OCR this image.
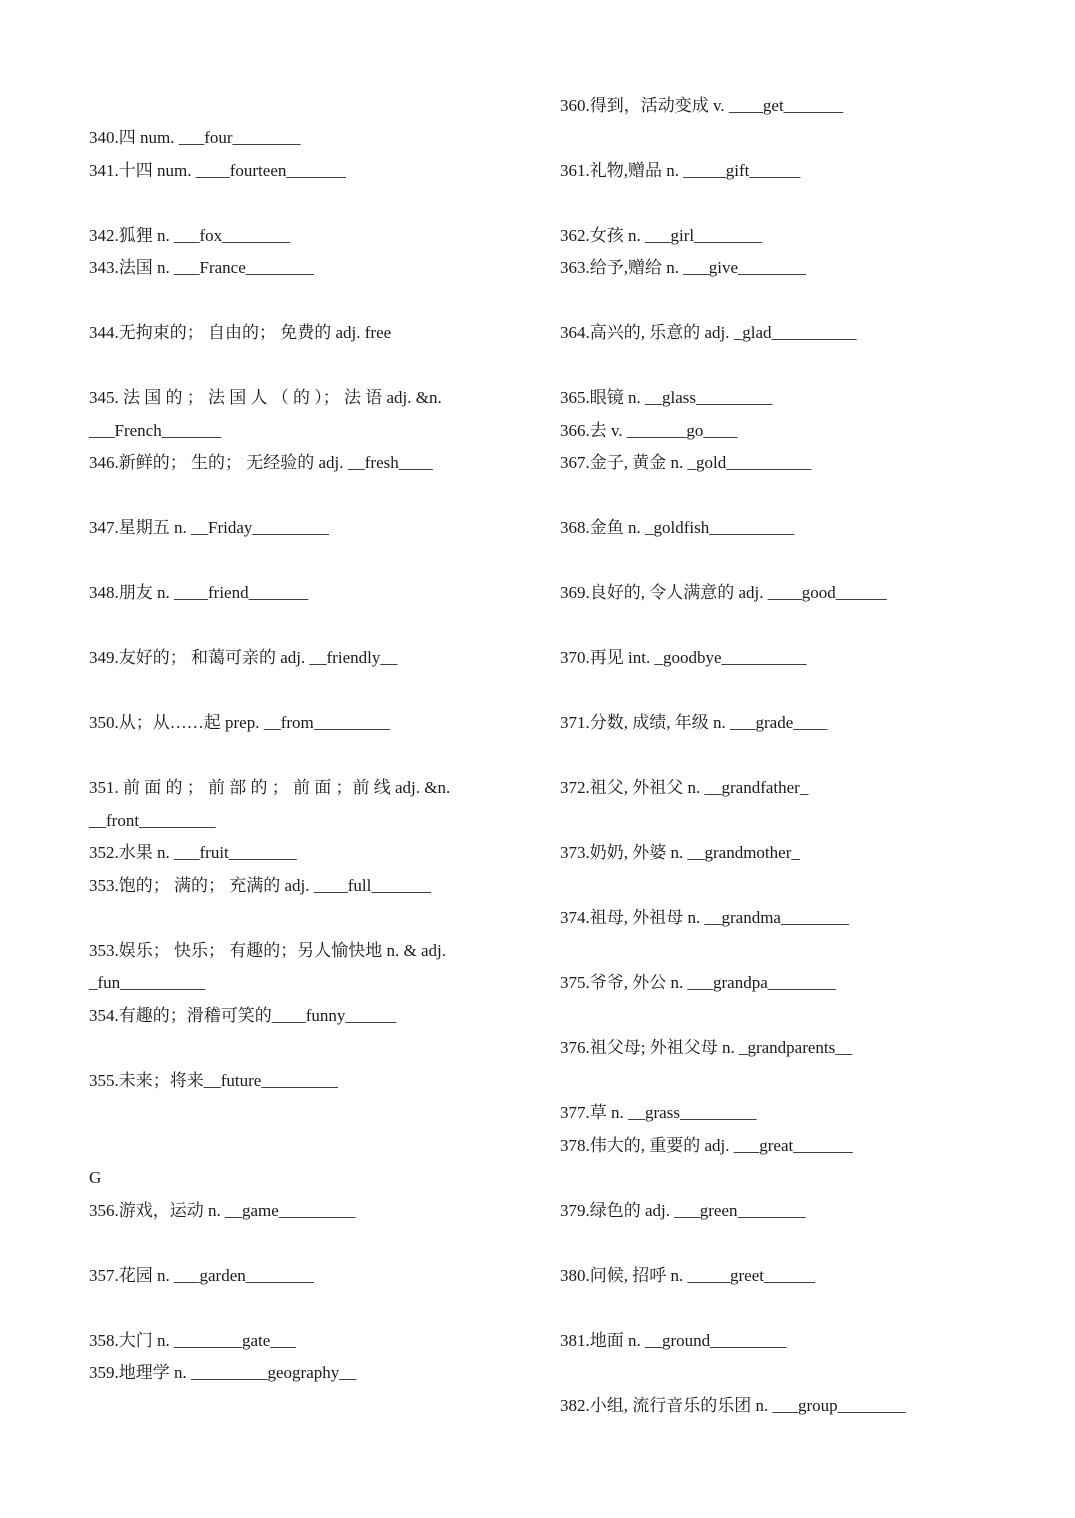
340.四 num. ___four________
341.十四 num. ____fourteen_______
342.狐狸 n. ___fox________
343.法国 n. ___France________
344.无拘束的； 自由的； 免费的 adj. free
345. 法 国 的 ； 法 国 人 （ 的 ）； 法 语 adj. &n.
___French_______
346.新鲜的； 生的； 无经验的 adj. __fresh____
347.星期五 n. __Friday_________
348.朋友 n. ____friend_______
349.友好的； 和蔼可亲的 adj. __friendly__
350.从；从……起 prep. __from_________
351. 前 面 的 ； 前 部 的 ； 前 面 ；前 线 adj. &n.
__front_________
352.水果 n. ___fruit________
353.饱的； 满的； 充满的 adj. ____full_______
353.娱乐； 快乐； 有趣的；另人愉快地 n. & adj.
_fun__________
354.有趣的；滑稽可笑的____funny______
355.未来；将来__future_________
G
356.游戏，运动 n. __game_________
357.花园 n. ___garden________
358.大门 n. ________gate___
359.地理学 n. _________geography__
360.得到，活动变成 v. ____get_______
361.礼物,赠品 n. _____gift______
362.女孩 n. ___girl________
363.给予,赠给 n. ___give________
364.高兴的, 乐意的 adj. _glad__________
365.眼镜 n. __glass_________
366.去 v. _______go____
367.金子, 黄金 n. _gold__________
368.金鱼 n. _goldfish__________
369.良好的, 令人满意的 adj. ____good______
370.再见 int. _goodbye__________
371.分数, 成绩, 年级 n. ___grade____
372.祖父, 外祖父 n. __grandfather_
373.奶奶, 外婆 n. __grandmother_
374.祖母, 外祖母 n. __grandma________
375.爷爷, 外公 n. ___grandpa________
376.祖父母; 外祖父母 n. _grandparents__
377.草 n. __grass_________
378.伟大的, 重要的 adj. ___great_______
379.绿色的 adj. ___green________
380.问候, 招呼 n. _____greet______
381.地面 n. __ground_________
382.小组, 流行音乐的乐团 n. ___group________
